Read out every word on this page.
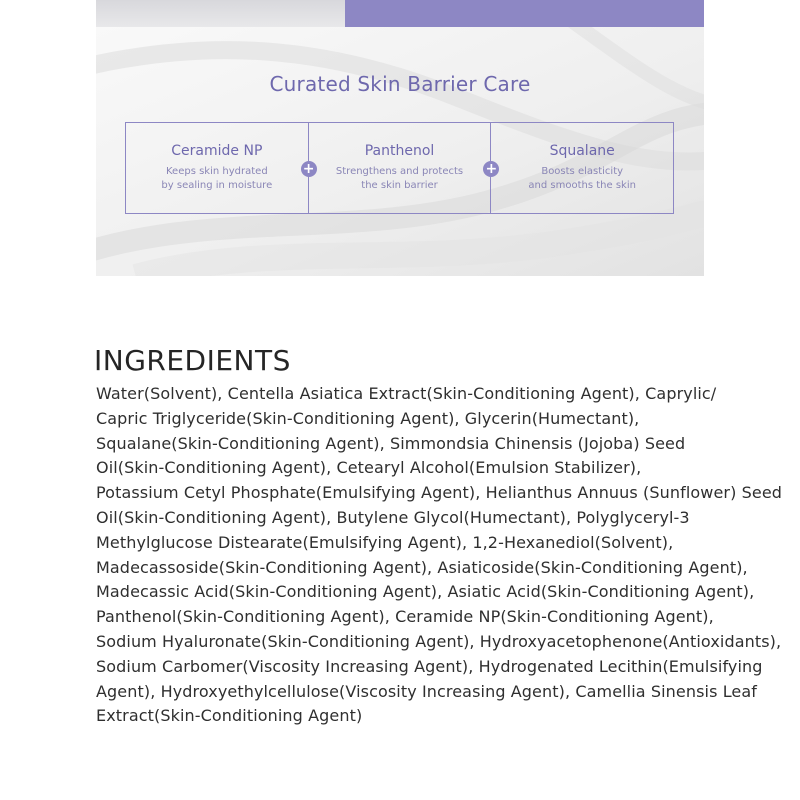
Curated Skin Barrier Care
Ceramide NP
Keeps skin hydrated
by sealing in moisture
+
Panthenol
Strengthens and protects
the skin barrier
+
Squalane
Boosts elasticity
and smooths the skin
INGREDIENTS
Water(Solvent), Centella Asiatica Extract(Skin-Conditioning Agent), Caprylic/
Capric Triglyceride(Skin-Conditioning Agent), Glycerin(Humectant),
Squalane(Skin-Conditioning Agent), Simmondsia Chinensis (Jojoba) Seed
Oil(Skin-Conditioning Agent), Cetearyl Alcohol(Emulsion Stabilizer),
Potassium Cetyl Phosphate(Emulsifying Agent), Helianthus Annuus (Sunflower) Seed
Oil(Skin-Conditioning Agent), Butylene Glycol(Humectant), Polyglyceryl-3
Methylglucose Distearate(Emulsifying Agent), 1,2-Hexanediol(Solvent),
Madecassoside(Skin-Conditioning Agent), Asiaticoside(Skin-Conditioning Agent),
Madecassic Acid(Skin-Conditioning Agent), Asiatic Acid(Skin-Conditioning Agent),
Panthenol(Skin-Conditioning Agent), Ceramide NP(Skin-Conditioning Agent),
Sodium Hyaluronate(Skin-Conditioning Agent), Hydroxyacetophenone(Antioxidants),
Sodium Carbomer(Viscosity Increasing Agent), Hydrogenated Lecithin(Emulsifying
Agent), Hydroxyethylcellulose(Viscosity Increasing Agent), Camellia Sinensis Leaf
Extract(Skin-Conditioning Agent)
